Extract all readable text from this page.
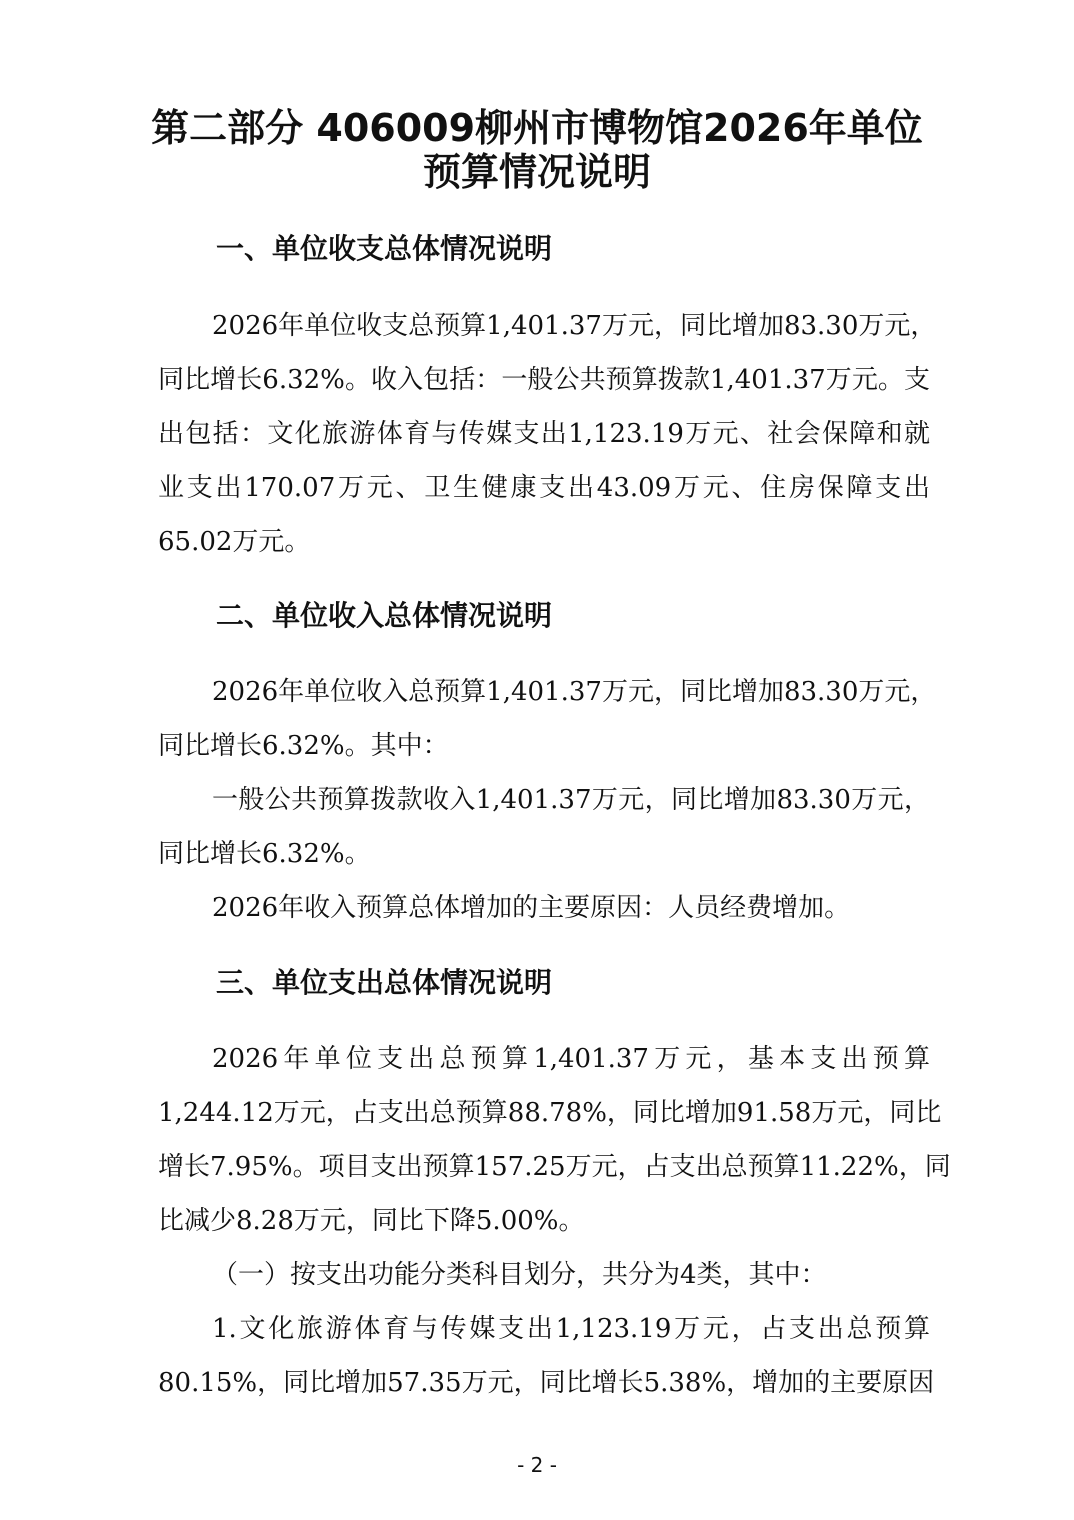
第二部分 406009柳州市博物馆2026年单位
预算情况说明
一、单位收支总体情况说明

2026年单位收支总预算1,401.37万元，同比增加83.30万元，

同比增长6.32%。收入包括：一般公共预算拨款1,401.37万元。支

出包括：文化旅游体育与传媒支出1,123.19万元、社会保障和就

业支出170.07万元、卫生健康支出43.09万元、住房保障支出

65.02万元。

二、单位收入总体情况说明

2026年单位收入总预算1,401.37万元，同比增加83.30万元，

同比增长6.32%。其中：

一般公共预算拨款收入1,401.37万元，同比增加83.30万元，

同比增长6.32%。

2026年收入预算总体增加的主要原因：人员经费增加。

三、单位支出总体情况说明

2026年单位支出总预算1,401.37万元，基本支出预算

1,244.12万元，占支出总预算88.78%，同比增加91.58万元，同比

增长7.95%。项目支出预算157.25万元，占支出总预算11.22%，同

比减少8.28万元，同比下降5.00%。

（一）按支出功能分类科目划分，共分为4类，其中：

1.文化旅游体育与传媒支出1,123.19万元，占支出总预算

80.15%，同比增加57.35万元，同比增长5.38%，增加的主要原因

- 2 -
